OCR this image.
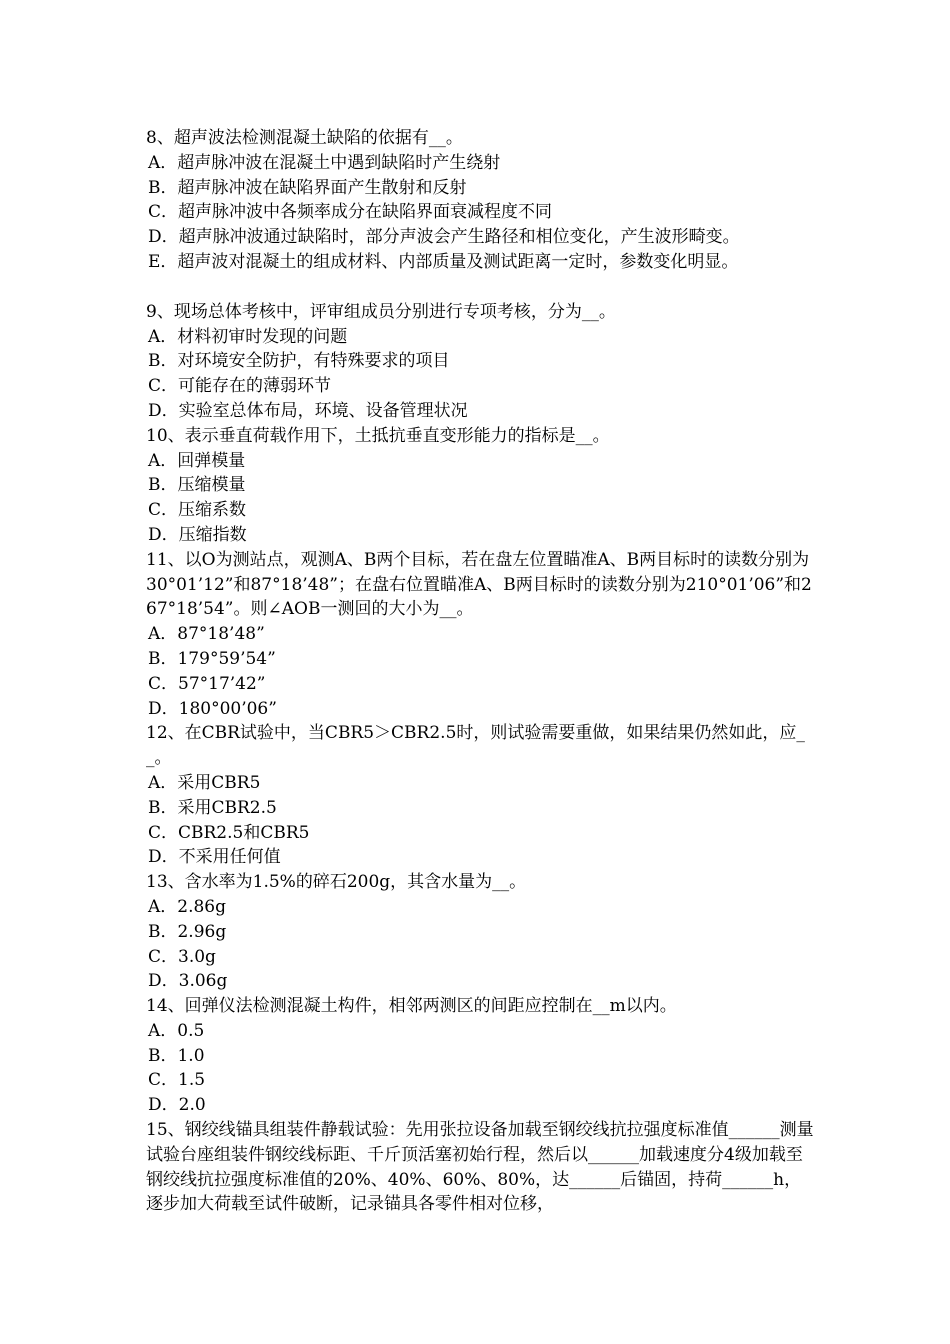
8、超声波法检测混凝土缺陷的依据有__。

A．超声脉冲波在混凝土中遇到缺陷时产生绕射

B．超声脉冲波在缺陷界面产生散射和反射

C．超声脉冲波中各频率成分在缺陷界面衰减程度不同

D．超声脉冲波通过缺陷时，部分声波会产生路径和相位变化，产生波形畸变。

E．超声波对混凝土的组成材料、内部质量及测试距离一定时，参数变化明显。

9、现场总体考核中，评审组成员分别进行专项考核，分为__。

A．材料初审时发现的问题

B．对环境安全防护，有特殊要求的项目

C．可能存在的薄弱环节

D．实验室总体布局，环境、设备管理状况

10、表示垂直荷载作用下，土抵抗垂直变形能力的指标是__。

A．回弹模量

B．压缩模量

C．压缩系数

D．压缩指数

11、以O为测站点，观测A、B两个目标，若在盘左位置瞄准A、B两目标时的读数分别为30°01’12”和87°18’48”；在盘右位置瞄准A、B两目标时的读数分别为210°01’06”和267°18’54”。则∠AOB一测回的大小为__。

A．87°18’48”

B．179°59’54”

C．57°17’42”

D．180°00’06”

12、在CBR试验中，当CBR5＞CBR2.5时，则试验需要重做，如果结果仍然如此，应__。

A．采用CBR5

B．采用CBR2.5

C．CBR2.5和CBR5

D．不采用任何值

13、含水率为1.5%的碎石200g，其含水量为__。

A．2.86g

B．2.96g

C．3.0g

D．3.06g

14、回弹仪法检测混凝土构件，相邻两测区的间距应控制在__m以内。

A．0.5

B．1.0

C．1.5

D．2.0

15、钢绞线锚具组装件静载试验：先用张拉设备加载至钢绞线抗拉强度标准值______测量试验台座组装件钢绞线标距、千斤顶活塞初始行程，然后以______加载速度分4级加载至钢绞线抗拉强度标准值的20%、40%、60%、80%，达______后锚固，持荷______h，逐步加大荷载至试件破断，记录锚具各零件相对位移，
